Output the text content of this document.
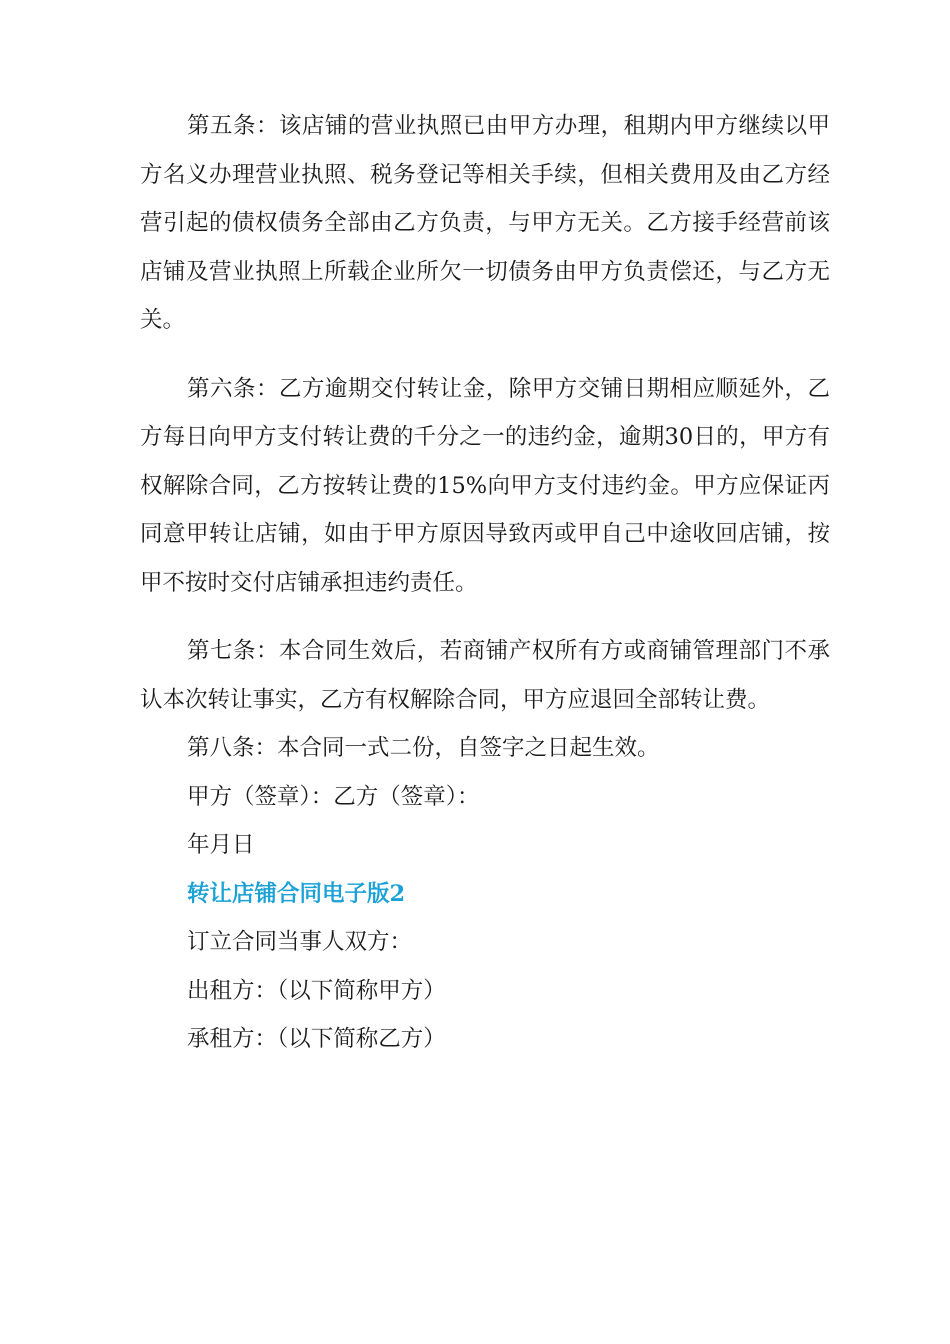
第五条：该店铺的营业执照已由甲方办理，租期内甲方继续以甲方名义办理营业执照、税务登记等相关手续，但相关费用及由乙方经营引起的债权债务全部由乙方负责，与甲方无关。乙方接手经营前该店铺及营业执照上所载企业所欠一切债务由甲方负责偿还，与乙方无关。

第六条：乙方逾期交付转让金，除甲方交铺日期相应顺延外，乙方每日向甲方支付转让费的千分之一的违约金，逾期30日的，甲方有权解除合同，乙方按转让费的15%向甲方支付违约金。甲方应保证丙同意甲转让店铺，如由于甲方原因导致丙或甲自己中途收回店铺，按甲不按时交付店铺承担违约责任。

第七条：本合同生效后，若商铺产权所有方或商铺管理部门不承认本次转让事实，乙方有权解除合同，甲方应退回全部转让费。

第八条：本合同一式二份，自签字之日起生效。

甲方（签章）：乙方（签章）：

年月日

转让店铺合同电子版2

订立合同当事人双方：

出租方：（以下简称甲方）

承租方：（以下简称乙方）
